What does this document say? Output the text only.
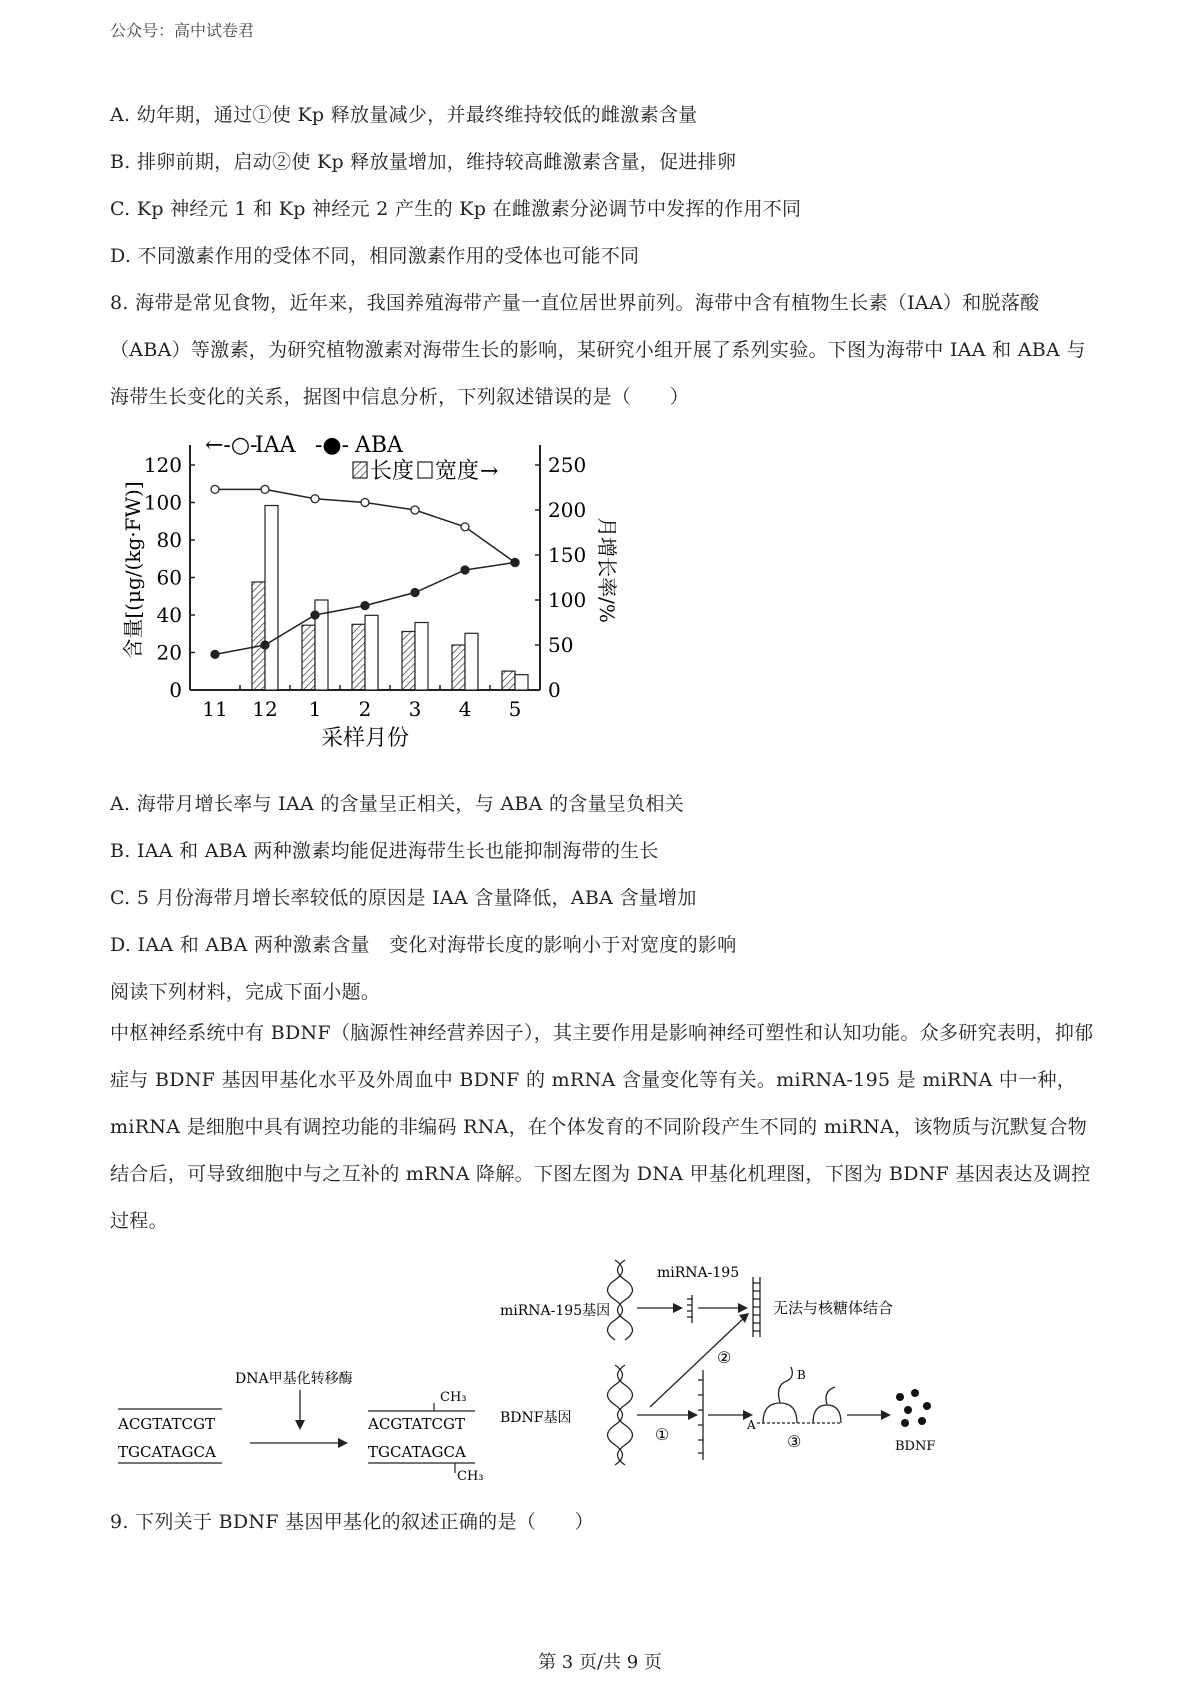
公众号：高中试卷君
A. 幼年期，通过①使 Kp 释放量减少，并最终维持较低的雌激素含量
B. 排卵前期，启动②使 Kp 释放量增加，维持较高雌激素含量，促进排卵
C. Kp 神经元 1 和 Kp 神经元 2 产生的 Kp 在雌激素分泌调节中发挥的作用不同
D. 不同激素作用的受体不同，相同激素作用的受体也可能不同
8. 海带是常见食物，近年来，我国养殖海带产量一直位居世界前列。海带中含有植物生长素（IAA）和脱落酸（ABA）等激素，为研究植物激素对海带生长的影响，某研究小组开展了系列实验。下图为海带中 IAA 和 ABA 与海带生长变化的关系，据图中信息分析，下列叙述错误的是（　　）
0
20
40
60
80
100
120
0
50
100
150
200
250
11 12 1 2 3 4 5
←-○-
IAA -●- ABA
长度 宽度 →
含量[(μg/(kg·FW)]	月增长率/%
采样月份
A. 海带月增长率与 IAA 的含量呈正相关，与 ABA 的含量呈负相关
B. IAA 和 ABA 两种激素均能促进海带生长也能抑制海带的生长
C. 5 月份海带月增长率较低的原因是 IAA 含量降低，ABA 含量增加
D. IAA 和 ABA 两种激素含量　变化对海带长度的影响小于对宽度的影响
阅读下列材料，完成下面小题。
中枢神经系统中有 BDNF（脑源性神经营养因子），其主要作用是影响神经可塑性和认知功能。众多研究表明，抑郁症与 BDNF 基因甲基化水平及外周血中 BDNF 的 mRNA 含量变化等有关。miRNA-195 是 miRNA 中一种，miRNA 是细胞中具有调控功能的非编码 RNA，在个体发育的不同阶段产生不同的 miRNA，该物质与沉默复合物结合后，可导致细胞中与之互补的 mRNA 降解。下图左图为 DNA 甲基化机理图，下图为 BDNF 基因表达及调控过程。
DNA甲基化转移酶
ACGTATCGT
TGCATAGCA
CH₃
ACGTATCGT
TGCATAGCA
CH₃
miRNA-195基因
miRNA-195
无法与核糖体结合
②
BDNF基因
①	A
B
③	BDNF
9. 下列关于 BDNF 基因甲基化的叙述正确的是（　　）
第 3 页/共 9 页
